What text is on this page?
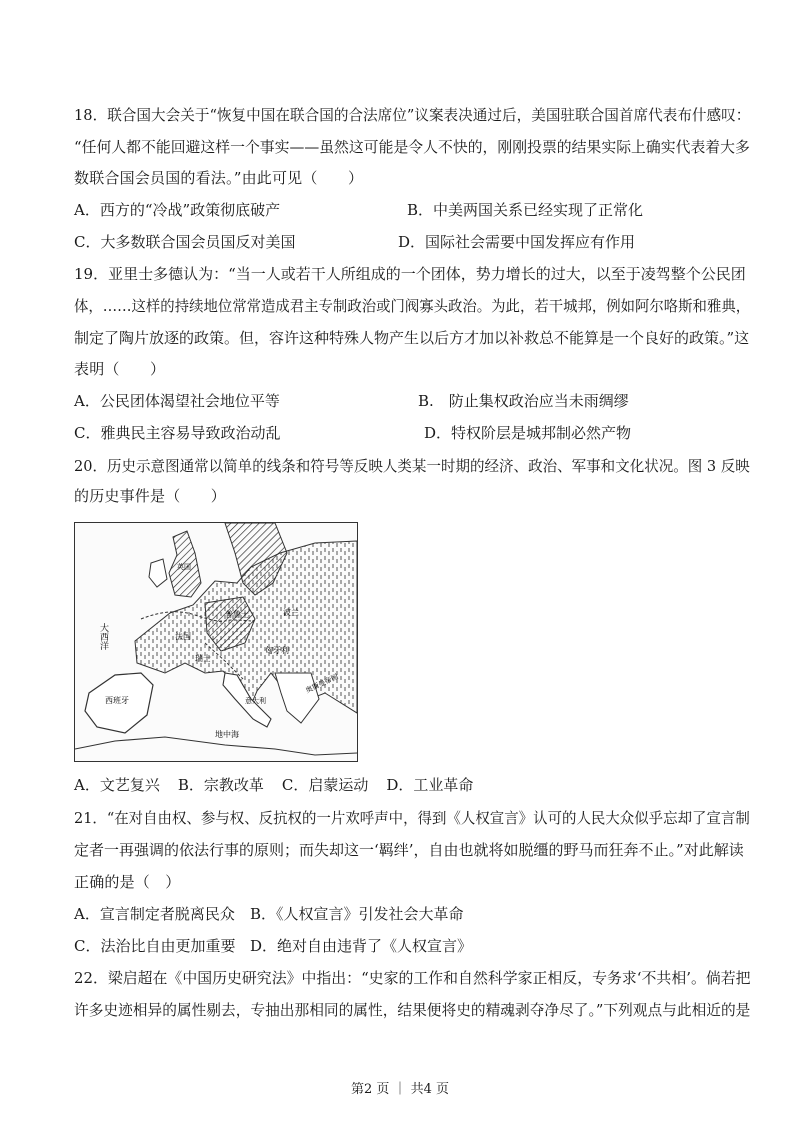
18．联合国大会关于“恢复中国在联合国的合法席位”议案表决通过后，美国驻联合国首席代表布什感叹：
“任何人都不能回避这样一个事实——虽然这可能是令人不快的，刚刚投票的结果实际上确实代表着大多
数联合国会员国的看法。”由此可见（　　）
A．西方的“冷战”政策彻底破产	B．中美两国关系已经实现了正常化
C．大多数联合国会员国反对美国	D．国际社会需要中国发挥应有作用
19．亚里士多德认为：“当一人或若干人所组成的一个团体，势力增长的过大，以至于凌驾整个公民团
体，……这样的持续地位常常造成君主专制政治或门阀寡头政治。为此，若干城邦，例如阿尔咯斯和雅典，
制定了陶片放逐的政策。但，容许这种特殊人物产生以后方才加以补救总不能算是一个良好的政策。”这
表明（　　）
A．公民团体渴望社会地位平等	B.　防止集权政治应当未雨绸缪
C．雅典民主容易导致政治动乱	D．特权阶层是城邦制必然产物
20．历史示意图通常以简单的线条和符号等反映人类某一时期的经济、政治、军事和文化状况。图 3 反映
的历史事件是（　　）
大西洋
西班牙
法国
瑞士
匈牙利
波兰
普鲁士
英国
意大利
奥斯曼帝国
地中海
A．文艺复兴 B．宗教改革 C．启蒙运动 D．工业革命
21．“在对自由权、参与权、反抗权的一片欢呼声中，得到《人权宣言》认可的人民大众似乎忘却了宣言制
定者一再强调的依法行事的原则；而失却这一‘羁绊’，自由也就将如脱缰的野马而狂奔不止。”对此解读
正确的是（　）
A．宣言制定者脱离民众 B．《人权宣言》引发社会大革命
C．法治比自由更加重要 D．绝对自由违背了《人权宣言》
22．梁启超在《中国历史研究法》中指出：“史家的工作和自然科学家正相反，专务求‘不共相’。倘若把
许多史迹相异的属性剔去，专抽出那相同的属性，结果便将史的精魂剥夺净尽了。”下列观点与此相近的是
第2 页 ｜ 共4 页
